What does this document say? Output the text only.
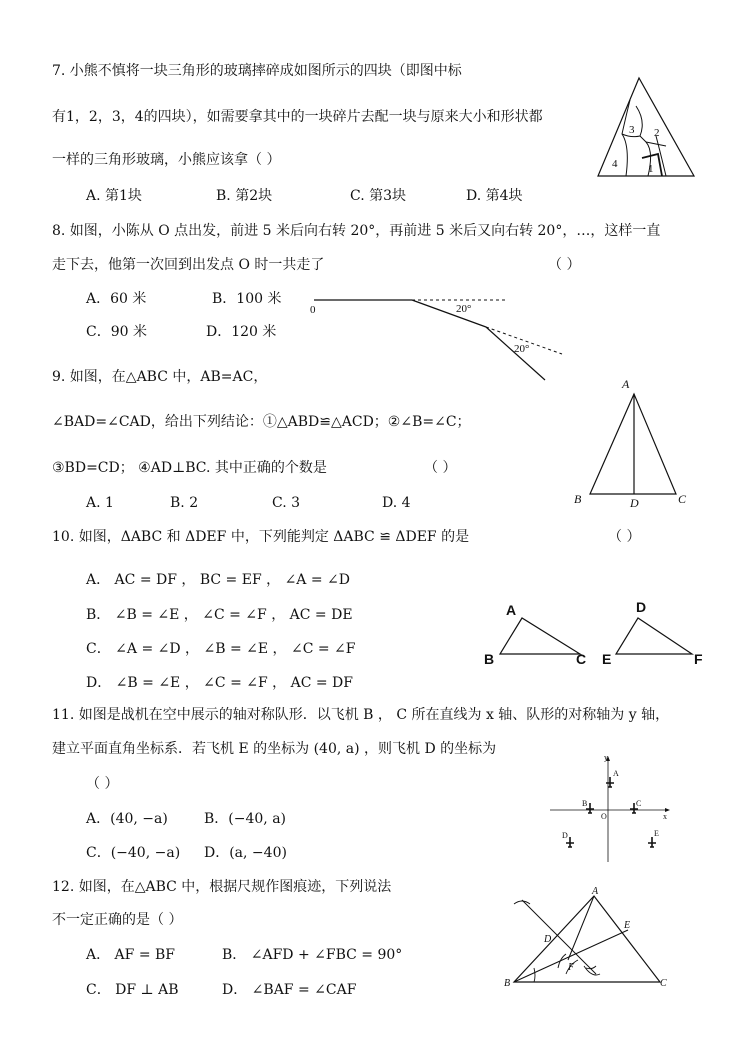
7. 小熊不慎将一块三角形的玻璃摔碎成如图所示的四块（即图中标
有1，2，3，4的四块），如需要拿其中的一块碎片去配一块与原来大小和形状都
一样的三角形玻璃，小熊应该拿（ ）
A. 第1块	B. 第2块	C. 第3块	D. 第4块
1
2
3
4
8. 如图，小陈从 O 点出发，前进 5 米后向右转 20°，再前进 5 米后又向右转 20°，…，这样一直
走下去，他第一次回到出发点 O 时一共走了	（ ）
A．60 米	B．100 米
C．90 米	D．120 米
0	20°
20°
9. 如图，在△ABC 中，AB=AC，
∠BAD=∠CAD，给出下列结论：①△ABD≌△ACD；②∠B=∠C；
③BD=CD； ④AD⊥BC. 其中正确的个数是	（ ）
A. 1	B. 2	C. 3	D. 4
A
B	D	C
10. 如图，ΔABC 和 ΔDEF 中，下列能判定 ΔABC ≌ ΔDEF 的是	（ ）
A． AC = DF ， BC = EF ， ∠A = ∠D
B． ∠B = ∠E ， ∠C = ∠F ， AC = DE
C． ∠A = ∠D ， ∠B = ∠E ， ∠C = ∠F
D． ∠B = ∠E ， ∠C = ∠F ， AC = DF
A
B	C
D
E	F
11. 如图是战机在空中展示的轴对称队形．以飞机 B ， C 所在直线为 x 轴、队形的对称轴为 y 轴，
建立平面直角坐标系．若飞机 E 的坐标为 (40, a) ，则飞机 D 的坐标为
（ ）
A．(40, −a)	B．(−40, a)
C．(−40, −a) D．(a, −40)
y
A
B	C
O	x
D	E
12. 如图，在△ABC 中，根据尺规作图痕迹，下列说法
不一定正确的是（ ）
A． AF = BF	B． ∠AFD + ∠FBC = 90°
C． DF ⊥ AB	D． ∠BAF = ∠CAF
A
E
D
F
B	C
